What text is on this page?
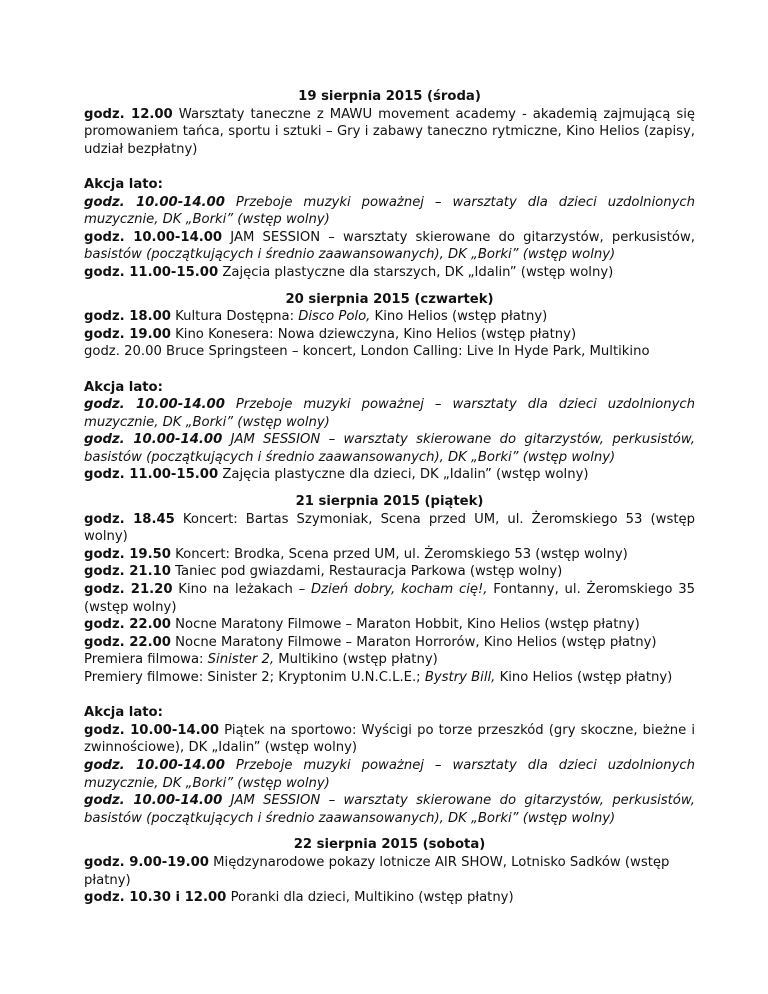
19 sierpnia 2015 (środa)
godz. 12.00 Warsztaty taneczne z MAWU movement academy - akademią zajmującą się promowaniem tańca, sportu i sztuki – Gry i zabawy taneczno rytmiczne, Kino Helios (zapisy, udział bezpłatny)
Akcja lato:
godz. 10.00-14.00 Przeboje muzyki poważnej – warsztaty dla dzieci uzdolnionych muzycznie, DK „Borki” (wstęp wolny)
godz. 10.00-14.00 JAM SESSION – warsztaty skierowane do gitarzystów, perkusistów, basistów (początkujących i średnio zaawansowanych), DK „Borki” (wstęp wolny)
godz. 11.00-15.00 Zajęcia plastyczne dla starszych, DK „Idalin” (wstęp wolny)
20 sierpnia 2015 (czwartek)
godz. 18.00 Kultura Dostępna: Disco Polo, Kino Helios (wstęp płatny)
godz. 19.00 Kino Konesera: Nowa dziewczyna, Kino Helios (wstęp płatny)
godz. 20.00 Bruce Springsteen – koncert, London Calling: Live In Hyde Park, Multikino
Akcja lato:
godz. 10.00-14.00 Przeboje muzyki poważnej – warsztaty dla dzieci uzdolnionych muzycznie, DK „Borki” (wstęp wolny)
godz. 10.00-14.00 JAM SESSION – warsztaty skierowane do gitarzystów, perkusistów, basistów (początkujących i średnio zaawansowanych), DK „Borki” (wstęp wolny)
godz. 11.00-15.00 Zajęcia plastyczne dla dzieci, DK „Idalin” (wstęp wolny)
21 sierpnia 2015 (piątek)
godz. 18.45 Koncert: Bartas Szymoniak, Scena przed UM, ul. Żeromskiego 53 (wstęp wolny)
godz. 19.50 Koncert: Brodka, Scena przed UM, ul. Żeromskiego 53 (wstęp wolny)
godz. 21.10 Taniec pod gwiazdami, Restauracja Parkowa (wstęp wolny)
godz. 21.20 Kino na leżakach – Dzień dobry, kocham cię!, Fontanny, ul. Żeromskiego 35 (wstęp wolny)
godz. 22.00 Nocne Maratony Filmowe – Maraton Hobbit, Kino Helios (wstęp płatny)
godz. 22.00 Nocne Maratony Filmowe – Maraton Horrorów, Kino Helios (wstęp płatny)
Premiera filmowa: Sinister 2, Multikino (wstęp płatny)
Premiery filmowe: Sinister 2; Kryptonim U.N.C.L.E.; Bystry Bill, Kino Helios (wstęp płatny)
Akcja lato:
godz. 10.00-14.00 Piątek na sportowo: Wyścigi po torze przeszkód (gry skoczne, bieżne i zwinnościowe), DK „Idalin” (wstęp wolny)
godz. 10.00-14.00 Przeboje muzyki poważnej – warsztaty dla dzieci uzdolnionych muzycznie, DK „Borki” (wstęp wolny)
godz. 10.00-14.00 JAM SESSION – warsztaty skierowane do gitarzystów, perkusistów, basistów (początkujących i średnio zaawansowanych), DK „Borki” (wstęp wolny)
22 sierpnia 2015 (sobota)
godz. 9.00-19.00 Międzynarodowe pokazy lotnicze AIR SHOW, Lotnisko Sadków (wstęp płatny)
godz. 10.30 i 12.00 Poranki dla dzieci, Multikino (wstęp płatny)
